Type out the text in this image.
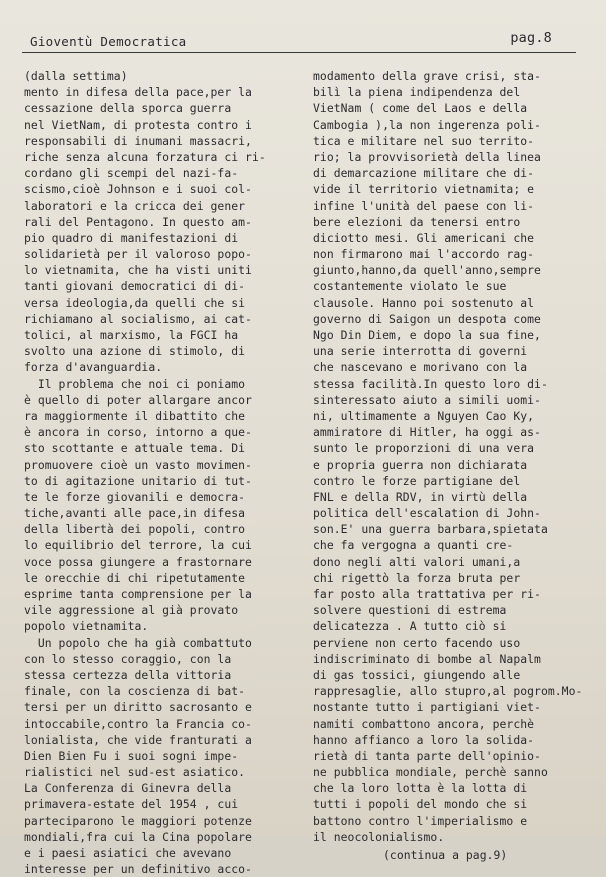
Gioventù Democratica	pag.8
(dalla settima)
mento in difesa della pace,per la
cessazione della sporca guerra
nel VietNam, di protesta contro i
responsabili di inumani massacri,
riche senza alcuna forzatura ci ri-
cordano gli scempi del nazi-fa-
scismo,cioè Johnson e i suoi col-
laboratori e la cricca dei gener
rali del Pentagono. In questo am-
pio quadro di manifestazioni di
solidarietà per il valoroso popo-
lo vietnamita, che ha visti uniti
tanti giovani democratici di di-
versa ideologia,da quelli che si
richiamano al socialismo, ai cat-
tolici, al marxismo, la FGCI ha
svolto una azione di stimolo, di
forza d'avanguardia.
Il problema che noi ci poniamo
è quello di poter allargare ancor
ra maggiormente il dibattito che
è ancora in corso, intorno a que-
sto scottante e attuale tema. Di
promuovere cioè un vasto movimen-
to di agitazione unitario di tut-
te le forze giovanili e democra-
tiche,avanti alle pace,in difesa
della libertà dei popoli, contro
lo equilibrio del terrore, la cui
voce possa giungere a frastornare
le orecchie di chi ripetutamente
esprime tanta comprensione per la
vile aggressione al già provato
popolo vietnamita.
Un popolo che ha già combattuto
con lo stesso coraggio, con la
stessa certezza della vittoria
finale, con la coscienza di bat-
tersi per un diritto sacrosanto e
intoccabile,contro la Francia co-
lonialista, che vide franturati a
Dien Bien Fu i suoi sogni impe-
rialistici nel sud-est asiatico.
La Conferenza di Ginevra della
primavera-estate del 1954 , cui
parteciparono le maggiori potenze
mondiali,fra cui la Cina popolare
e i paesi asiatici che avevano
interesse per un definitivo acco-
modamento della grave crisi, sta-
bilì la piena indipendenza del
VietNam ( come del Laos e della
Cambogia ),la non ingerenza poli-
tica e militare nel suo territo-
rio; la provvisorietà della linea
di demarcazione militare che di-
vide il territorio vietnamita; e
infine l'unità del paese con li-
bere elezioni da tenersi entro
diciotto mesi. Gli americani che
non firmarono mai l'accordo rag-
giunto,hanno,da quell'anno,sempre
costantemente violato le sue
clausole. Hanno poi sostenuto al
governo di Saigon un despota come
Ngo Din Diem, e dopo la sua fine,
una serie interrotta di governi
che nascevano e morivano con la
stessa facilità.In questo loro di-
sinteressato aiuto a simili uomi-
ni, ultimamente a Nguyen Cao Ky,
ammiratore di Hitler, ha oggi as-
sunto le proporzioni di una vera
e propria guerra non dichiarata
contro le forze partigiane del
FNL e della RDV, in virtù della
politica dell'escalation di John-
son.E' una guerra barbara,spietata
che fa vergogna a quanti cre-
dono negli alti valori umani,a
chi rigettò la forza bruta per
far posto alla trattativa per ri-
solvere questioni di estrema
delicatezza . A tutto ciò si
perviene non certo facendo uso
indiscriminato di bombe al Napalm
di gas tossici, giungendo alle
rappresaglie, allo stupro,al pogrom.Mo-
nostante tutto i partigiani viet-
namiti combattono ancora, perchè
hanno affianco a loro la solida-
rietà di tanta parte dell'opinio-
ne pubblica mondiale, perchè sanno
che la loro lotta è la lotta di
tutti i popoli del mondo che si
battono contro l'imperialismo e
il neocolonialismo.
(continua a pag.9)
